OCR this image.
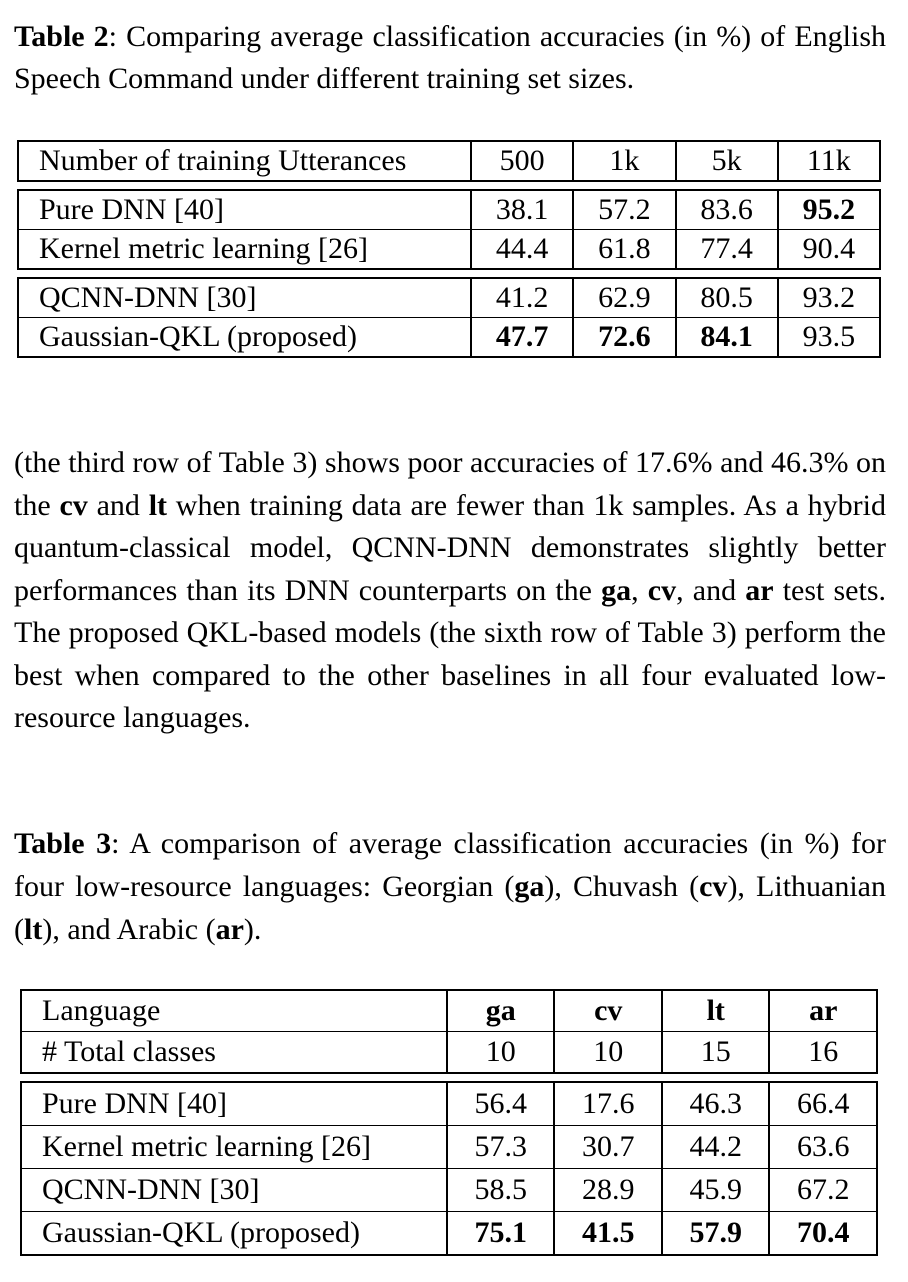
Table 2: Comparing average classification accuracies (in %) of English Speech Command under different training set sizes.
Number of training Utterances	500	1k	5k	11k

Pure DNN [40]	38.1	57.2	83.6	95.2
Kernel metric learning [26]	44.4	61.8	77.4	90.4

QCNN-DNN [30]	41.2	62.9	80.5	93.2
Gaussian-QKL (proposed)	47.7	72.6	84.1	93.5
(the third row of Table 3) shows poor accuracies of 17.6% and 46.3% on the cv and lt when training data are fewer than 1k samples. As a hybrid quantum-classical model, QCNN-DNN demonstrates slightly better performances than its DNN counterparts on the ga, cv, and ar test sets. The proposed QKL-based models (the sixth row of Table 3) perform the best when compared to the other baselines in all four evaluated low-resource languages.
Table 3: A comparison of average classification accuracies (in %) for four low-resource languages: Georgian (ga), Chuvash (cv), Lithuanian (lt), and Arabic (ar).
Language	ga	cv	lt	ar
# Total classes	10	10	15	16

Pure DNN [40]	56.4	17.6	46.3	66.4
Kernel metric learning [26]	57.3	30.7	44.2	63.6
QCNN-DNN [30]	58.5	28.9	45.9	67.2
Gaussian-QKL (proposed)	75.1	41.5	57.9	70.4
